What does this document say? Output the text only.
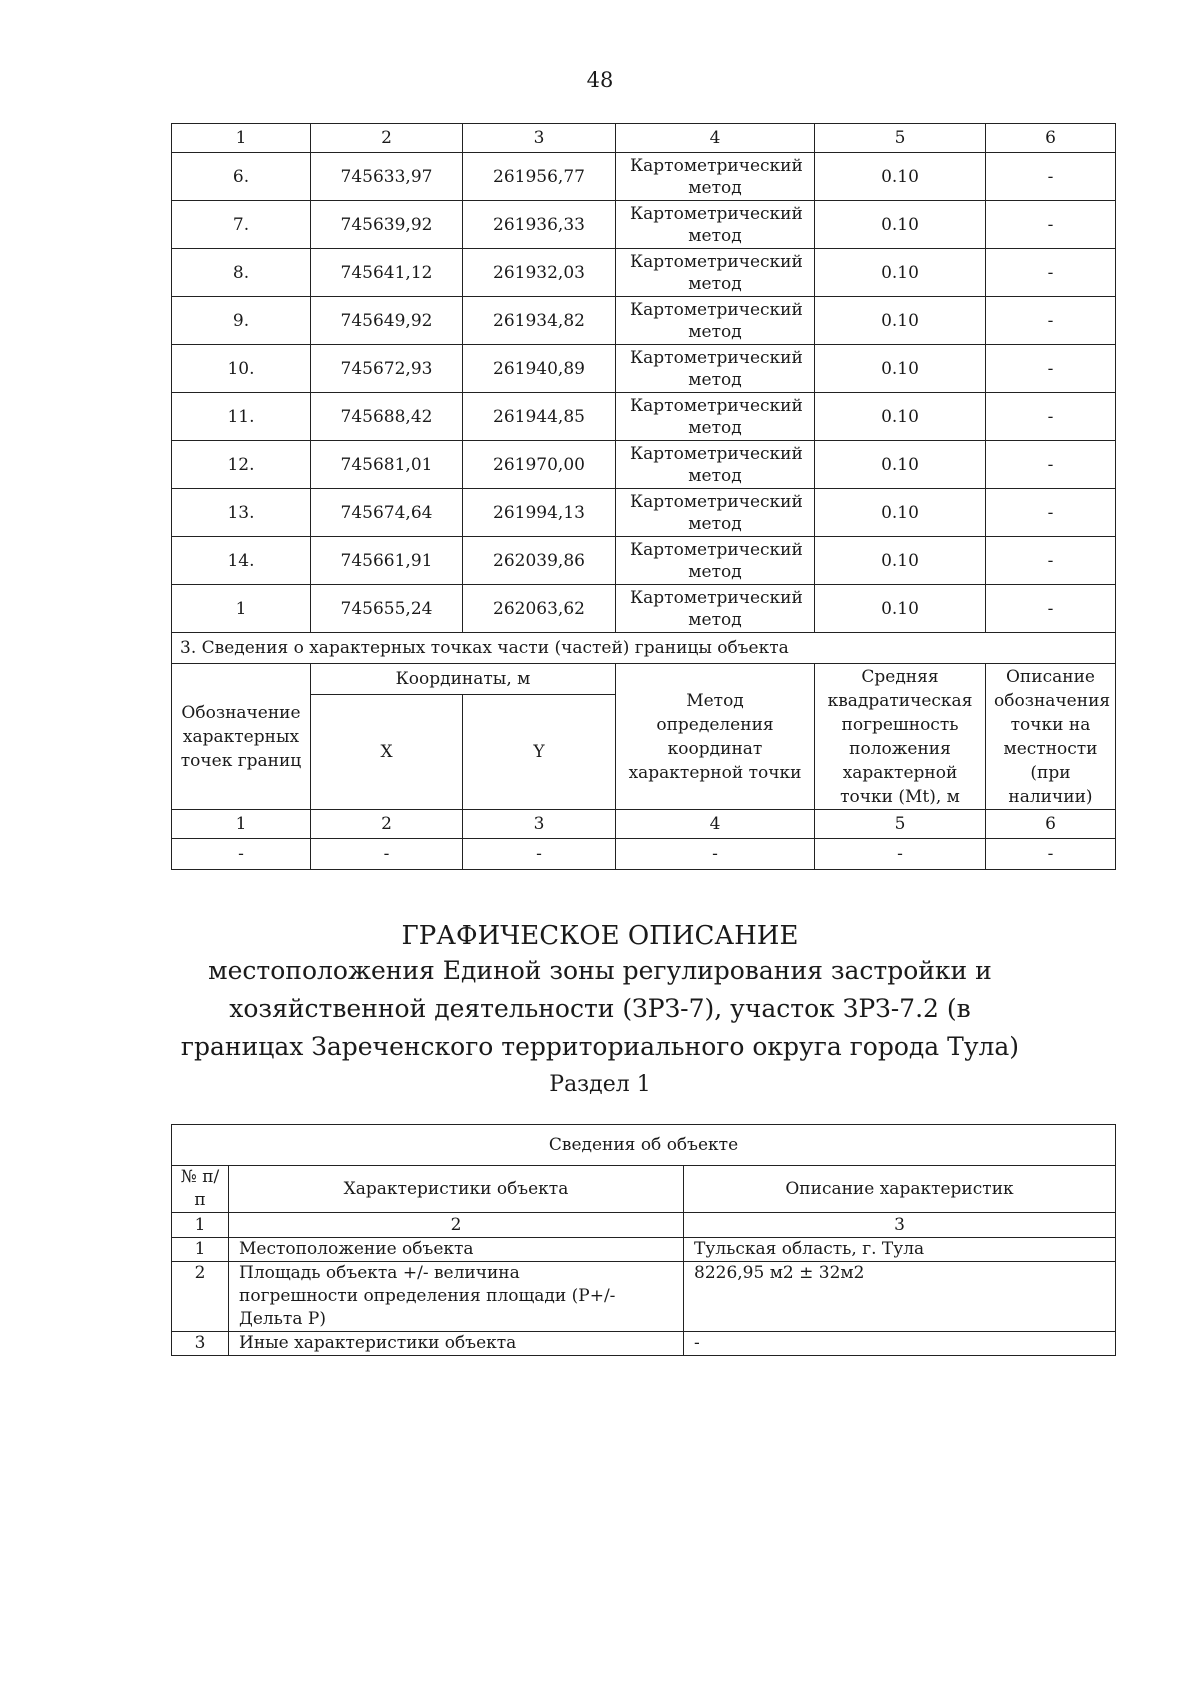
48
1	2	3	4	5	6
6.	745633,97	261956,77	Картометрический метод	0.10	-
7.	745639,92	261936,33	Картометрический метод	0.10	-
8.	745641,12	261932,03	Картометрический метод	0.10	-
9.	745649,92	261934,82	Картометрический метод	0.10	-
10.	745672,93	261940,89	Картометрический метод	0.10	-
11.	745688,42	261944,85	Картометрический метод	0.10	-
12.	745681,01	261970,00	Картометрический метод	0.10	-
13.	745674,64	261994,13	Картометрический метод	0.10	-
14.	745661,91	262039,86	Картометрический метод	0.10	-
1	745655,24	262063,62	Картометрический метод	0.10	-
3. Сведения о характерных точках части (частей) границы объекта					
Обозначение характерных точек границ	Координаты, м		Метод определения координат характерной точки	Средняя квадратическая погрешность положения характерной точки (Mt), м	Описание обозначения точки на местности (при наличии)
	X	Y			
1	2	3	4	5	6
-	-	-	-	-	-
ГРАФИЧЕСКОЕ ОПИСАНИЕ
местоположения Единой зоны регулирования застройки и хозяйственной деятельности (ЗРЗ-7), участок ЗРЗ-7.2 (в границах Зареченского территориального округа города Тула)
Раздел 1
Сведения об объекте		
№ п/п	Характеристики объекта	Описание характеристик
1	2	3
1	Местоположение объекта	Тульская область, г. Тула
2	Площадь объекта +/- величина погрешности определения площади (P+/- Дельта P)	8226,95 м2 ± 32м2
3	Иные характеристики объекта	-
